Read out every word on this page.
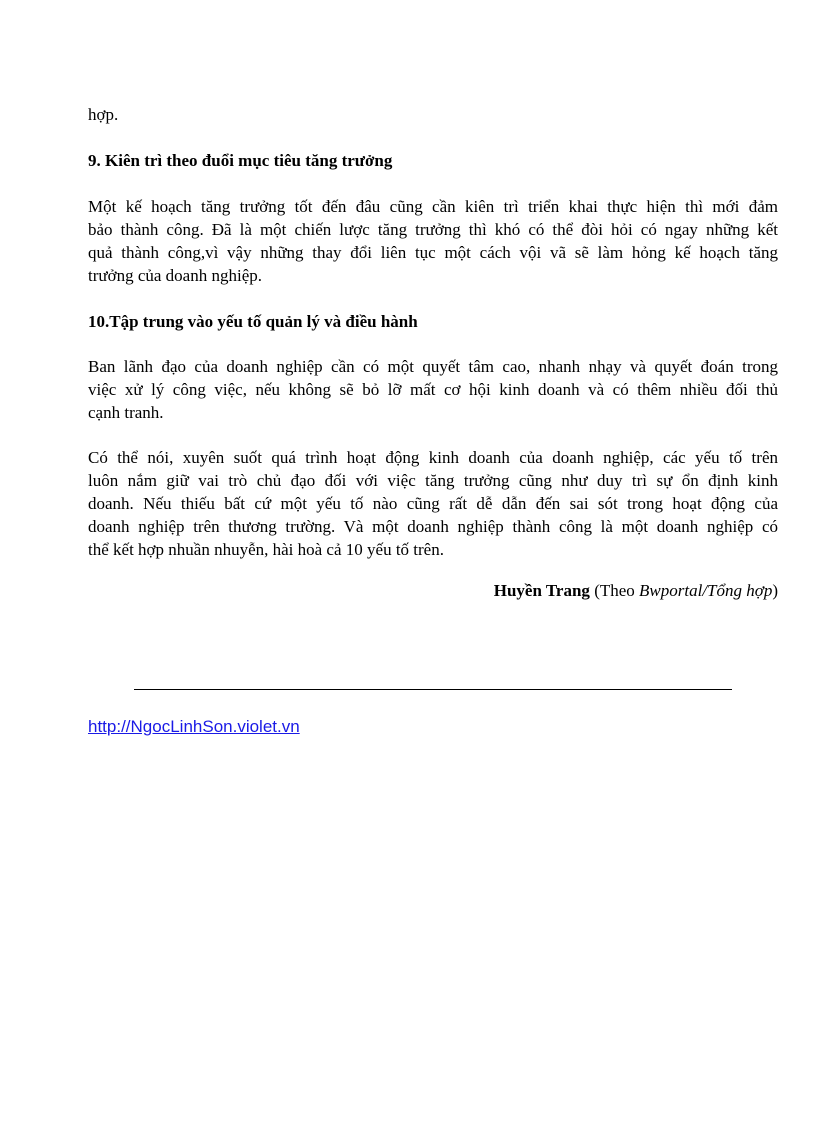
hợp.

9. Kiên trì theo đuổi mục tiêu tăng trưởng

Một kế hoạch tăng trưởng tốt đến đâu cũng cần kiên trì triển khai thực hiện thì mới đảm
bảo thành công. Đã là một chiến lược tăng trưởng thì khó có thể đòi hỏi có ngay những kết
quả thành công,vì vậy những thay đổi liên tục một cách vội vã sẽ làm hỏng kế hoạch tăng
trưởng của doanh nghiệp.

10.Tập trung vào yếu tố quản lý và điều hành

Ban lãnh đạo của doanh nghiệp cần có một quyết tâm cao, nhanh nhạy và quyết đoán trong
việc xử lý công việc, nếu không sẽ bỏ lỡ mất cơ hội kinh doanh và có thêm nhiều đối thủ
cạnh tranh.

Có thể nói, xuyên suốt quá trình hoạt động kinh doanh của doanh nghiệp, các yếu tố trên
luôn nắm giữ vai trò chủ đạo đối với việc tăng trưởng cũng như duy trì sự ổn định kinh
doanh. Nếu thiếu bất cứ một yếu tố nào cũng rất dễ dẫn đến sai sót trong hoạt động của
doanh nghiệp trên thương trường. Và một doanh nghiệp thành công là một doanh nghiệp có
thể kết hợp nhuần nhuyễn, hài hoà cả 10 yếu tố trên.

Huyền Trang (Theo Bwportal/Tổng hợp)
http://NgocLinhSon.violet.vn
